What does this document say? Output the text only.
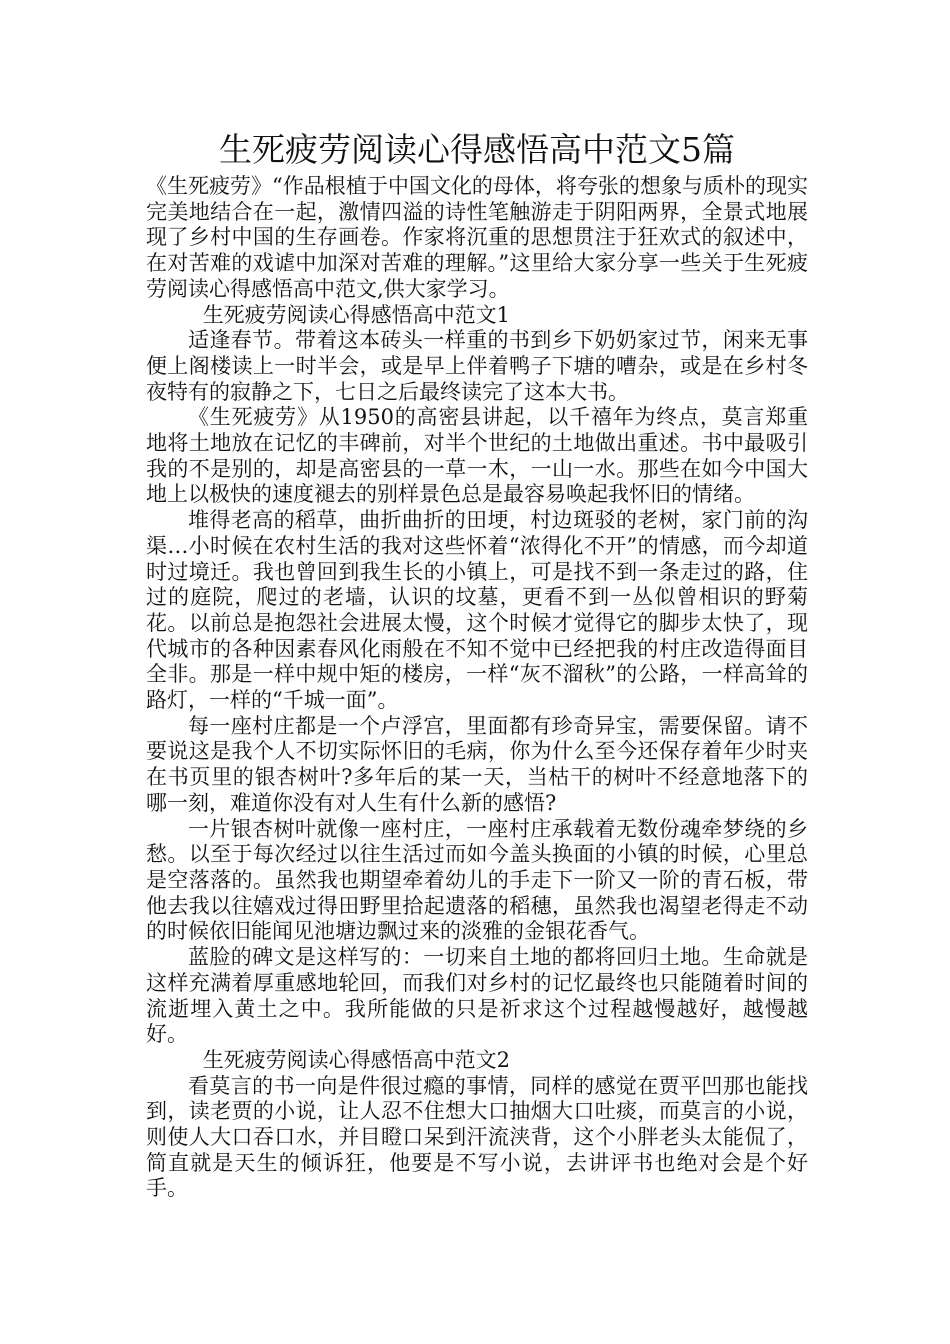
生死疲劳阅读心得感悟高中范文5篇

《生死疲劳》“作品根植于中国文化的母体，将夸张的想象与质朴的现实完美地结合在一起，激情四溢的诗性笔触游走于阴阳两界，全景式地展现了乡村中国的生存画卷。作家将沉重的思想贯注于狂欢式的叙述中，在对苦难的戏谑中加深对苦难的理解。”这里给大家分享一些关于生死疲劳阅读心得感悟高中范文,供大家学习。

生死疲劳阅读心得感悟高中范文1

适逢春节。带着这本砖头一样重的书到乡下奶奶家过节，闲来无事便上阁楼读上一时半会，或是早上伴着鸭子下塘的嘈杂，或是在乡村冬夜特有的寂静之下，七日之后最终读完了这本大书。

《生死疲劳》从1950的高密县讲起，以千禧年为终点，莫言郑重地将土地放在记忆的丰碑前，对半个世纪的土地做出重述。书中最吸引我的不是别的，却是高密县的一草一木，一山一水。那些在如今中国大地上以极快的速度褪去的别样景色总是最容易唤起我怀旧的情绪。

堆得老高的稻草，曲折曲折的田埂，村边斑驳的老树，家门前的沟渠…小时候在农村生活的我对这些怀着“浓得化不开”的情感，而今却道时过境迁。我也曾回到我生长的小镇上，可是找不到一条走过的路，住过的庭院，爬过的老墙，认识的坟墓，更看不到一丛似曾相识的野菊花。以前总是抱怨社会进展太慢，这个时候才觉得它的脚步太快了，现代城市的各种因素春风化雨般在不知不觉中已经把我的村庄改造得面目全非。那是一样中规中矩的楼房，一样“灰不溜秋”的公路，一样高耸的路灯，一样的“千城一面”。

每一座村庄都是一个卢浮宫，里面都有珍奇异宝，需要保留。请不要说这是我个人不切实际怀旧的毛病，你为什么至今还保存着年少时夹在书页里的银杏树叶?多年后的某一天，当枯干的树叶不经意地落下的哪一刻，难道你没有对人生有什么新的感悟?

一片银杏树叶就像一座村庄，一座村庄承载着无数份魂牵梦绕的乡愁。以至于每次经过以往生活过而如今盖头换面的小镇的时候，心里总是空落落的。虽然我也期望牵着幼儿的手走下一阶又一阶的青石板，带他去我以往嬉戏过得田野里拾起遗落的稻穗，虽然我也渴望老得走不动的时候依旧能闻见池塘边飘过来的淡雅的金银花香气。

蓝脸的碑文是这样写的：一切来自土地的都将回归土地。生命就是这样充满着厚重感地轮回，而我们对乡村的记忆最终也只能随着时间的流逝埋入黄土之中。我所能做的只是祈求这个过程越慢越好，越慢越好。

生死疲劳阅读心得感悟高中范文2

看莫言的书一向是件很过瘾的事情，同样的感觉在贾平凹那也能找到，读老贾的小说，让人忍不住想大口抽烟大口吐痰，而莫言的小说，则使人大口吞口水，并目瞪口呆到汗流浃背，这个小胖老头太能侃了，简直就是天生的倾诉狂，他要是不写小说，去讲评书也绝对会是个好手。
